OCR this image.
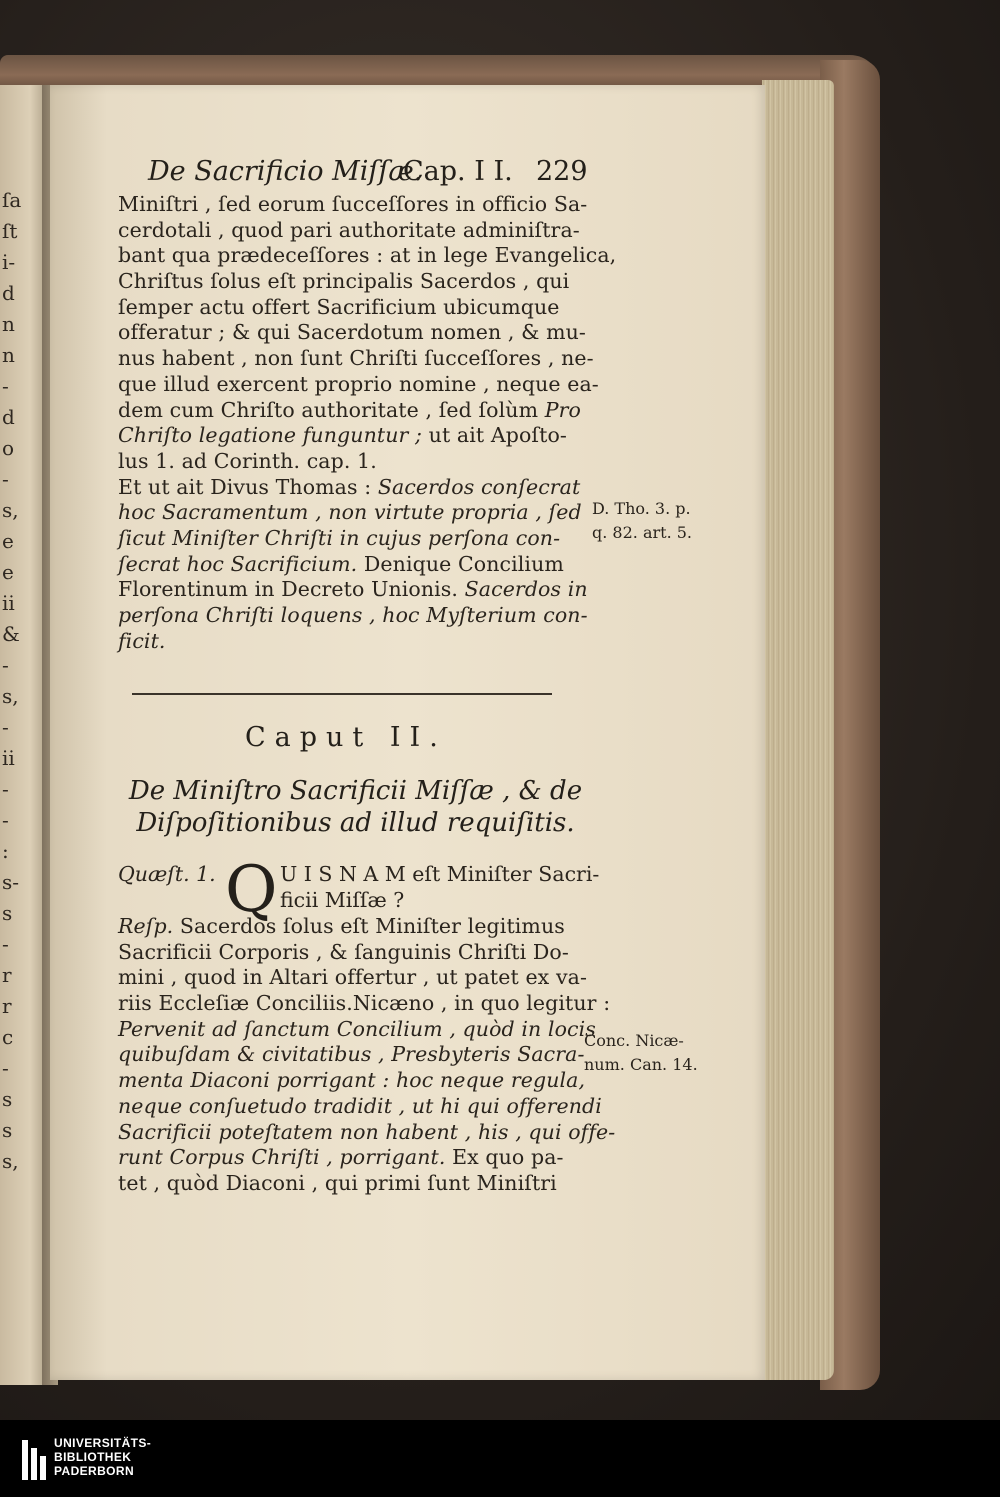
ſa
ſt
i-
d
n
n
-
d
o
-
s,
e
e
ii
&
-
s,
-
ii
-
-
:
s-
s
-
r
r
c
-
s
s
s,
De Sacrificio Miſſæ.
Cap. I I. 229
Miniſtri , ſed eorum ſucceſſores in officio Sa-
cerdotali , quod pari authoritate adminiſtra-
bant qua prædeceſſores : at in lege Evangelica,
Chriſtus ſolus eſt principalis Sacerdos , qui
ſemper actu offert Sacrificium ubicumque
offeratur ; & qui Sacerdotum nomen , & mu-
nus habent , non ſunt Chriſti ſucceſſores , ne-
que illud exercent proprio nomine , neque ea-
dem cum Chriſto authoritate , ſed ſolùm Pro
Chriſto legatione funguntur ; ut ait Apoſto-
lus 1. ad Corinth. cap. 1.
Et ut ait Divus Thomas : Sacerdos conſecrat
hoc Sacramentum , non virtute propria , ſed
ſicut Miniſter Chriſti in cujus perſona con-
ſecrat hoc Sacrificium. Denique Concilium
Florentinum in Decreto Unionis. Sacerdos in
perſona Chriſti loquens , hoc Myſterium con-
ficit.
D. Tho. 3. p.
q. 82. art. 5.
Caput II.
De Miniſtro Sacrificii Miſſæ , & de
Diſpoſitionibus ad illud requiſitis.
Quæſt. 1.	U I S N A M eſt Miniſter Sacri-
ficii Miſſæ ?
Q
Reſp. Sacerdos ſolus eſt Miniſter legitimus
Sacrificii Corporis , & ſanguinis Chriſti Do-
mini , quod in Altari offertur , ut patet ex va-
riis Eccleſiæ Conciliis.Nicæno , in quo legitur :
Pervenit ad ſanctum Concilium , quòd in locis
quibuſdam & civitatibus , Presbyteris Sacra-
menta Diaconi porrigant : hoc neque regula,
neque conſuetudo tradidit , ut hi qui offerendi
Sacrificii poteſtatem non habent , his , qui offe-
runt Corpus Chriſti , porrigant. Ex quo pa-
tet , quòd Diaconi , qui primi ſunt Miniſtri
Conc. Nicæ-
num. Can. 14.
UNIVERSITÄTS-
BIBLIOTHEK
PADERBORN
